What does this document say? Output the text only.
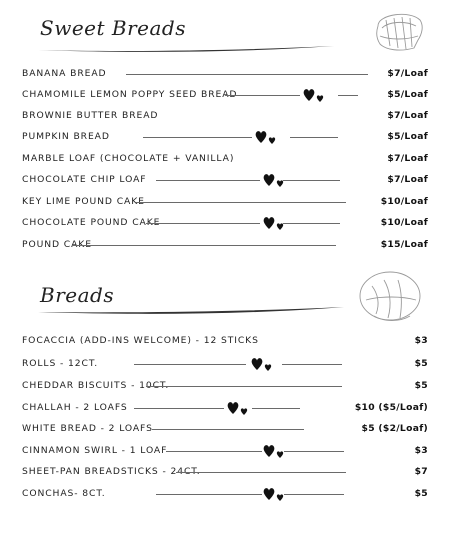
Sweet Breads
BANANA BREAD	$7/Loaf
CHAMOMILE LEMON POPPY SEED BREAD	$5/Loaf
BROWNIE BUTTER BREAD	$7/Loaf
PUMPKIN BREAD	$5/Loaf
MARBLE LOAF (CHOCOLATE + VANILLA)	$7/Loaf
CHOCOLATE CHIP LOAF	$7/Loaf
KEY LIME POUND CAKE	$10/Loaf
CHOCOLATE POUND CAKE	$10/Loaf
POUND CAKE	$15/Loaf
Breads
FOCACCIA (ADD-INS WELCOME) - 12 STICKS	$3
ROLLS - 12CT.	$5
CHEDDAR BISCUITS - 10CT.	$5
CHALLAH - 2 LOAFS	$10 ($5/Loaf)
WHITE BREAD - 2 LOAFS	$5 ($2/Loaf)
CINNAMON SWIRL - 1 LOAF	$3
SHEET-PAN BREADSTICKS - 24CT.	$7
CONCHAS- 8CT.	$5
